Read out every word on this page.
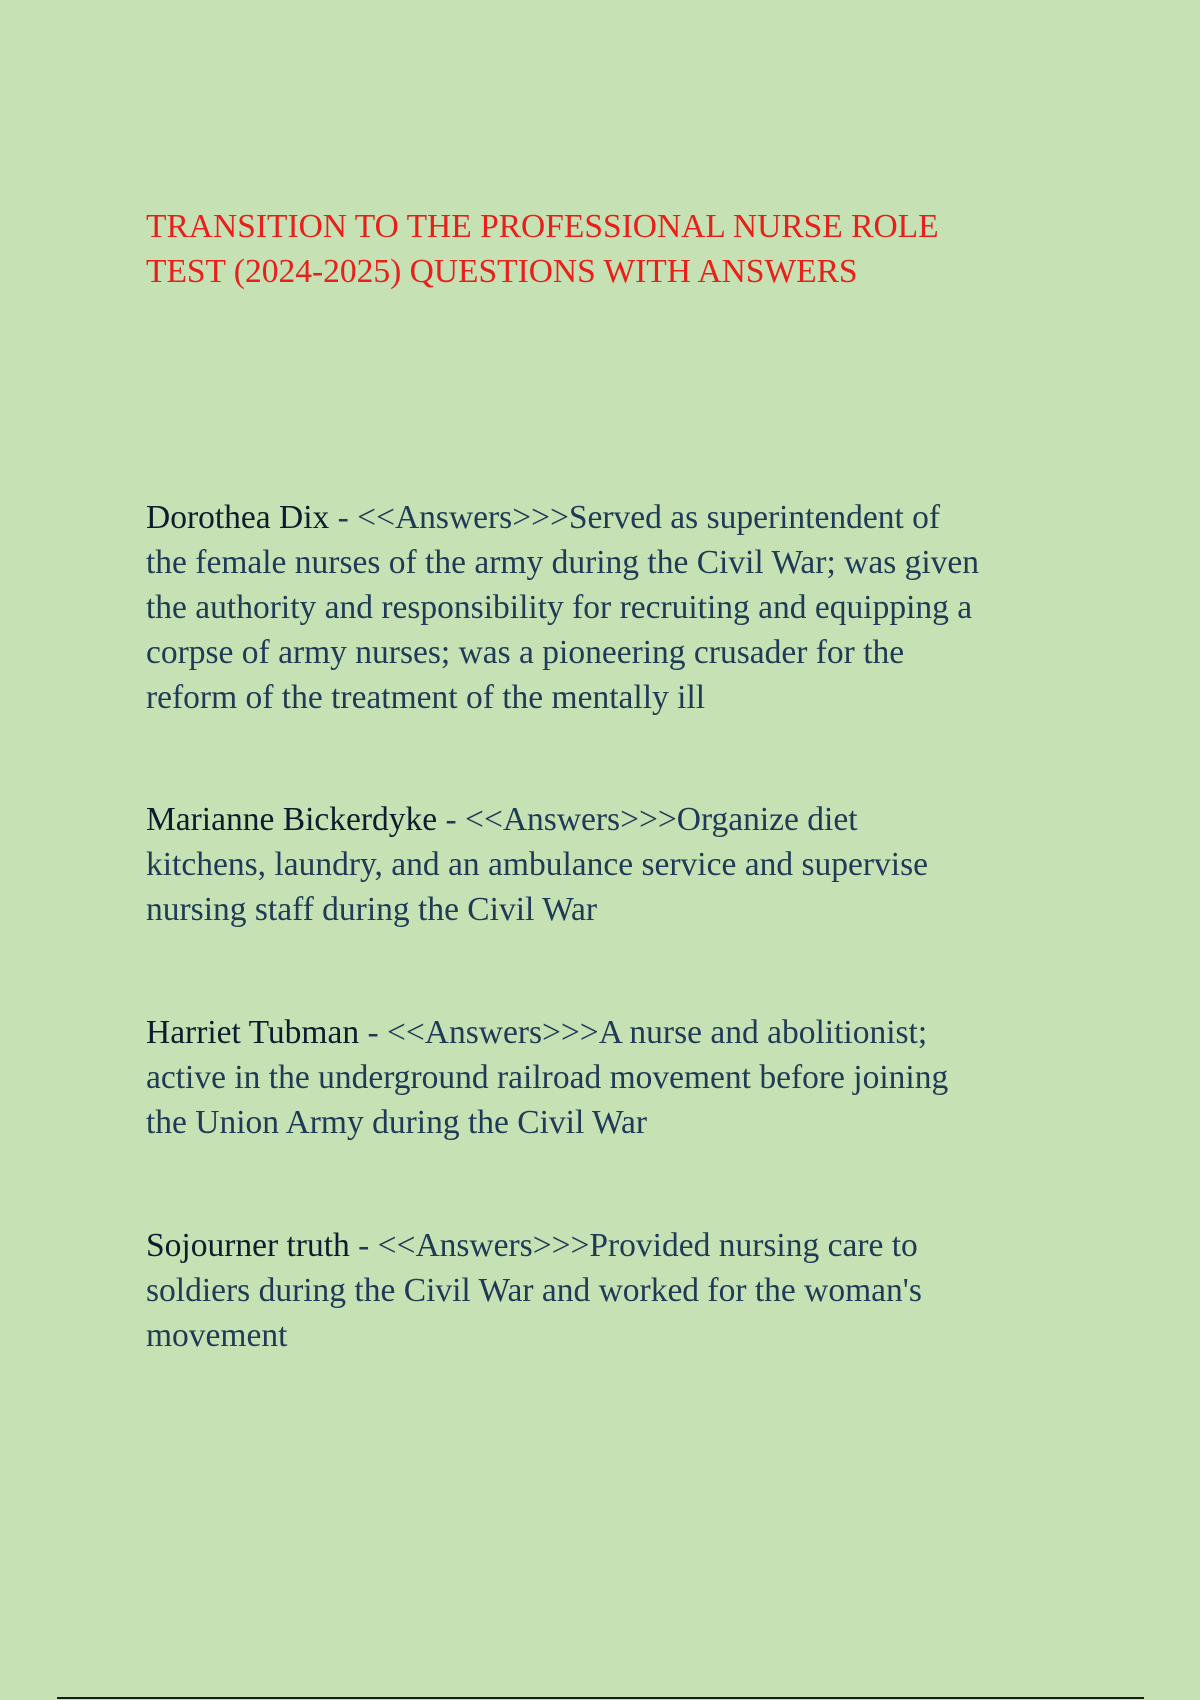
TRANSITION TO THE PROFESSIONAL NURSE ROLE
TEST (2024-2025) QUESTIONS WITH ANSWERS

Dorothea Dix - <<Answers>>>Served as superintendent of
the female nurses of the army during the Civil War; was given
the authority and responsibility for recruiting and equipping a
corpse of army nurses; was a pioneering crusader for the
reform of the treatment of the mentally ill

Marianne Bickerdyke - <<Answers>>>Organize diet
kitchens, laundry, and an ambulance service and supervise
nursing staff during the Civil War

Harriet Tubman - <<Answers>>>A nurse and abolitionist;
active in the underground railroad movement before joining
the Union Army during the Civil War

Sojourner truth - <<Answers>>>Provided nursing care to
soldiers during the Civil War and worked for the woman's
movement
